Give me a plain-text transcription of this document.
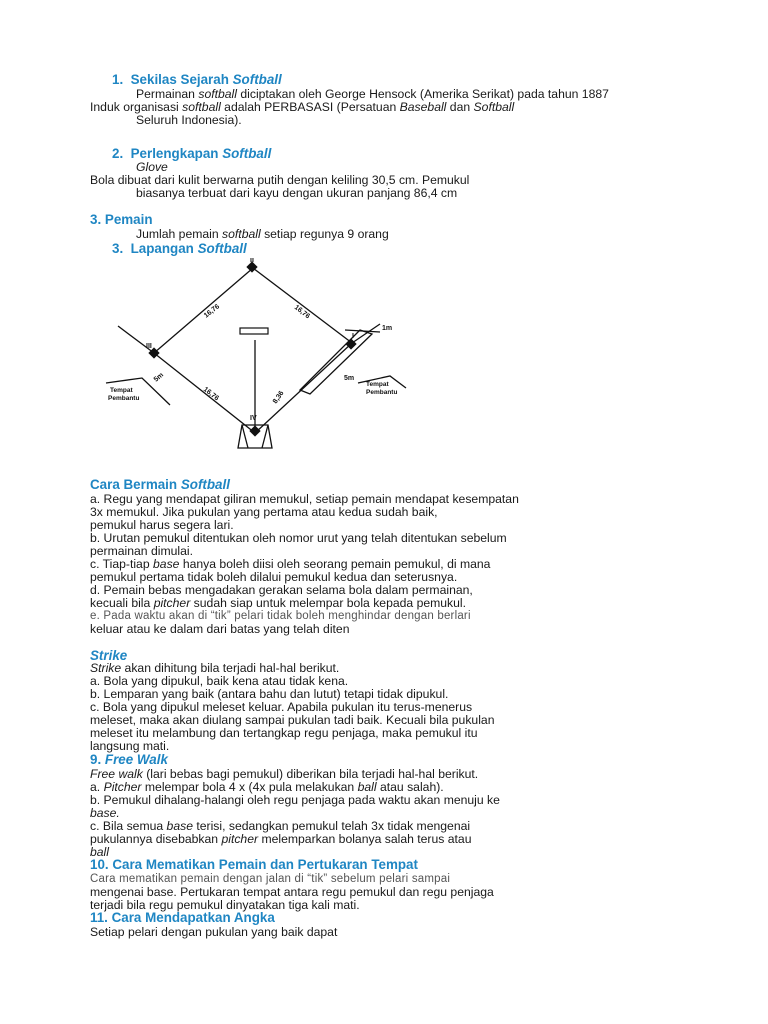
1. Sekilas Sejarah Softball
Permainan softball diciptakan oleh George Hensock (Amerika Serikat) pada tahun 1887
Induk organisasi softball adalah PERBASASI (Persatuan Baseball dan Softball
Seluruh Indonesia).
2. Perlengkapan Softball
Glove
Bola dibuat dari kulit berwarna putih dengan keliling 30,5 cm. Pemukul
biasanya terbuat dari kayu dengan ukuran panjang 86,4 cm
3. Pemain
Jumlah pemain softball setiap regunya 9 orang
3. Lapangan Softball
II
I
III
IV
16,76	16,76
16,76	8,36
5m	5m
1m
Tempat
Pembantu
Tempat
Pembantu
Cara Bermain Softball
a. Regu yang mendapat giliran memukul, setiap pemain mendapat kesempatan
3x memukul. Jika pukulan yang pertama atau kedua sudah baik,
pemukul harus segera lari.
b. Urutan pemukul ditentukan oleh nomor urut yang telah ditentukan sebelum
permainan dimulai.
c. Tiap-tiap base hanya boleh diisi oleh seorang pemain pemukul, di mana
pemukul pertama tidak boleh dilalui pemukul kedua dan seterusnya.
d. Pemain bebas mengadakan gerakan selama bola dalam permainan,
kecuali bila pitcher sudah siap untuk melempar bola kepada pemukul.
e. Pada waktu akan di “tik” pelari tidak boleh menghindar dengan berlari
keluar atau ke dalam dari batas yang telah diten
Strike
Strike akan dihitung bila terjadi hal-hal berikut.
a. Bola yang dipukul, baik kena atau tidak kena.
b. Lemparan yang baik (antara bahu dan lutut) tetapi tidak dipukul.
c. Bola yang dipukul meleset keluar. Apabila pukulan itu terus-menerus
meleset, maka akan diulang sampai pukulan tadi baik. Kecuali bila pukulan
meleset itu melambung dan tertangkap regu penjaga, maka pemukul itu
langsung mati.
9. Free Walk
Free walk (lari bebas bagi pemukul) diberikan bila terjadi hal-hal berikut.
a. Pitcher melempar bola 4 x (4x pula melakukan ball atau salah).
b. Pemukul dihalang-halangi oleh regu penjaga pada waktu akan menuju ke
base.
c. Bila semua base terisi, sedangkan pemukul telah 3x tidak mengenai
pukulannya disebabkan pitcher melemparkan bolanya salah terus atau
ball
10. Cara Mematikan Pemain dan Pertukaran Tempat
Cara mematikan pemain dengan jalan di “tik” sebelum pelari sampai
mengenai base. Pertukaran tempat antara regu pemukul dan regu penjaga
terjadi bila regu pemukul dinyatakan tiga kali mati.
11. Cara Mendapatkan Angka
Setiap pelari dengan pukulan yang baik dapat
